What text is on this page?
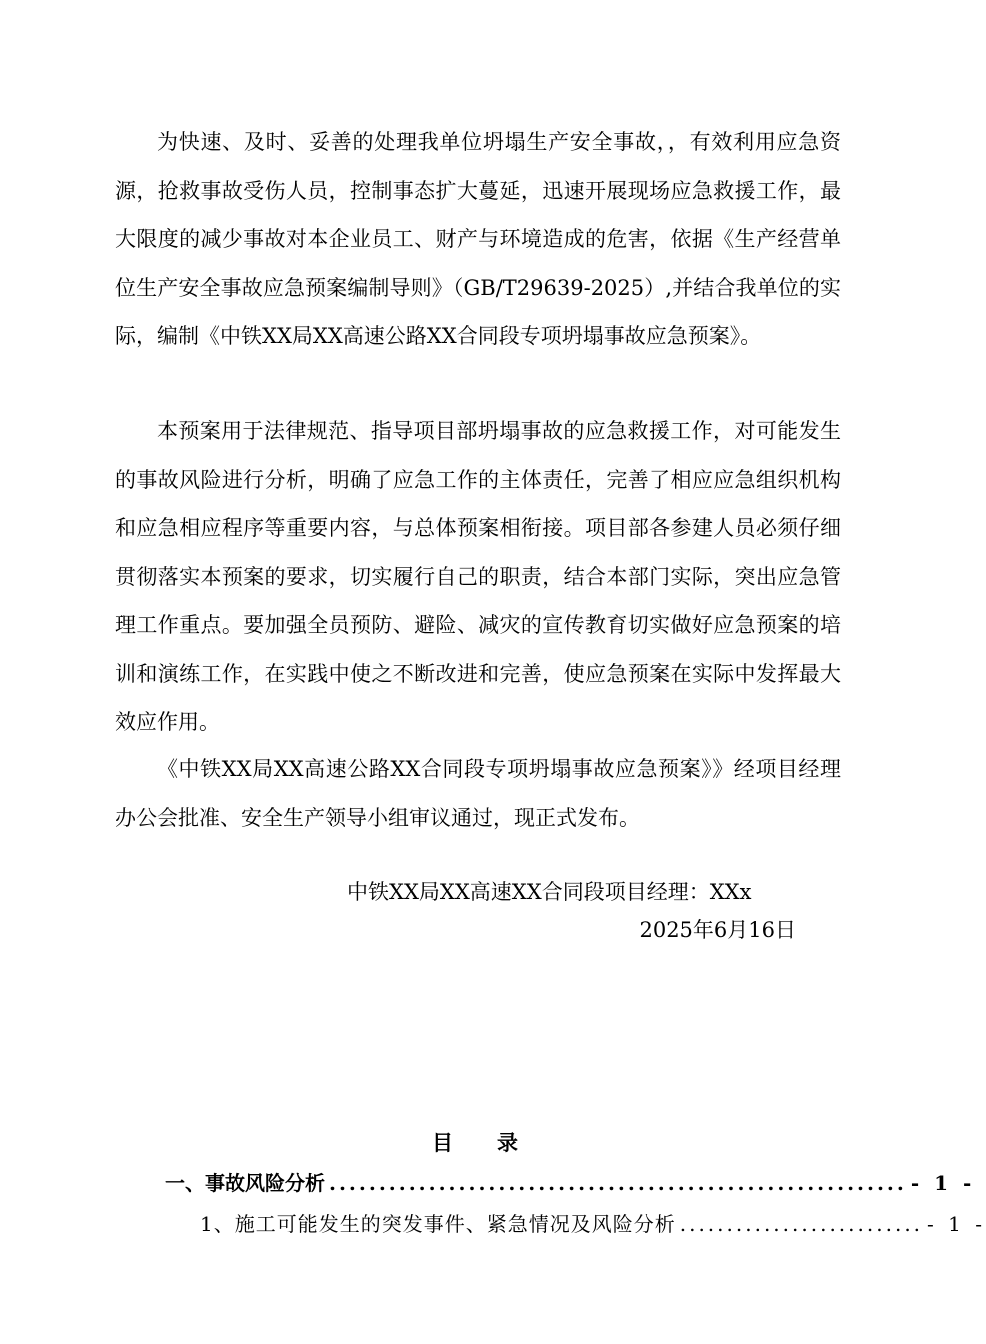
为快速、及时、妥善的处理我单位坍塌生产安全事故，，有效利用应急资源，抢救事故受伤人员，控制事态扩大蔓延，迅速开展现场应急救援工作，最大限度的减少事故对本企业员工、财产与环境造成的危害，依据《生产经营单位生产安全事故应急预案编制导则》（GB/T29639-2025）,并结合我单位的实际，编制《中铁XX局XX高速公路XX合同段专项坍塌事故应急预案》。

本预案用于法律规范、指导项目部坍塌事故的应急救援工作，对可能发生的事故风险进行分析，明确了应急工作的主体责任，完善了相应应急组织机构和应急相应程序等重要内容，与总体预案相衔接。项目部各参建人员必须仔细贯彻落实本预案的要求，切实履行自己的职责，结合本部门实际，突出应急管理工作重点。要加强全员预防、避险、减灾的宣传教育切实做好应急预案的培训和演练工作，在实践中使之不断改进和完善，使应急预案在实际中发挥最大效应作用。

《中铁XX局XX高速公路XX合同段专项坍塌事故应急预案》》经项目经理办公会批准、安全生产领导小组审议通过，现正式发布。

中铁XX局XX高速XX合同段项目经理：XXx
2025年6月16日
目录
一、事故风险分析 .......................................................... - 1 -
1、施工可能发生的突发事件、紧急情况及风险分析 .......................... - 1 -
